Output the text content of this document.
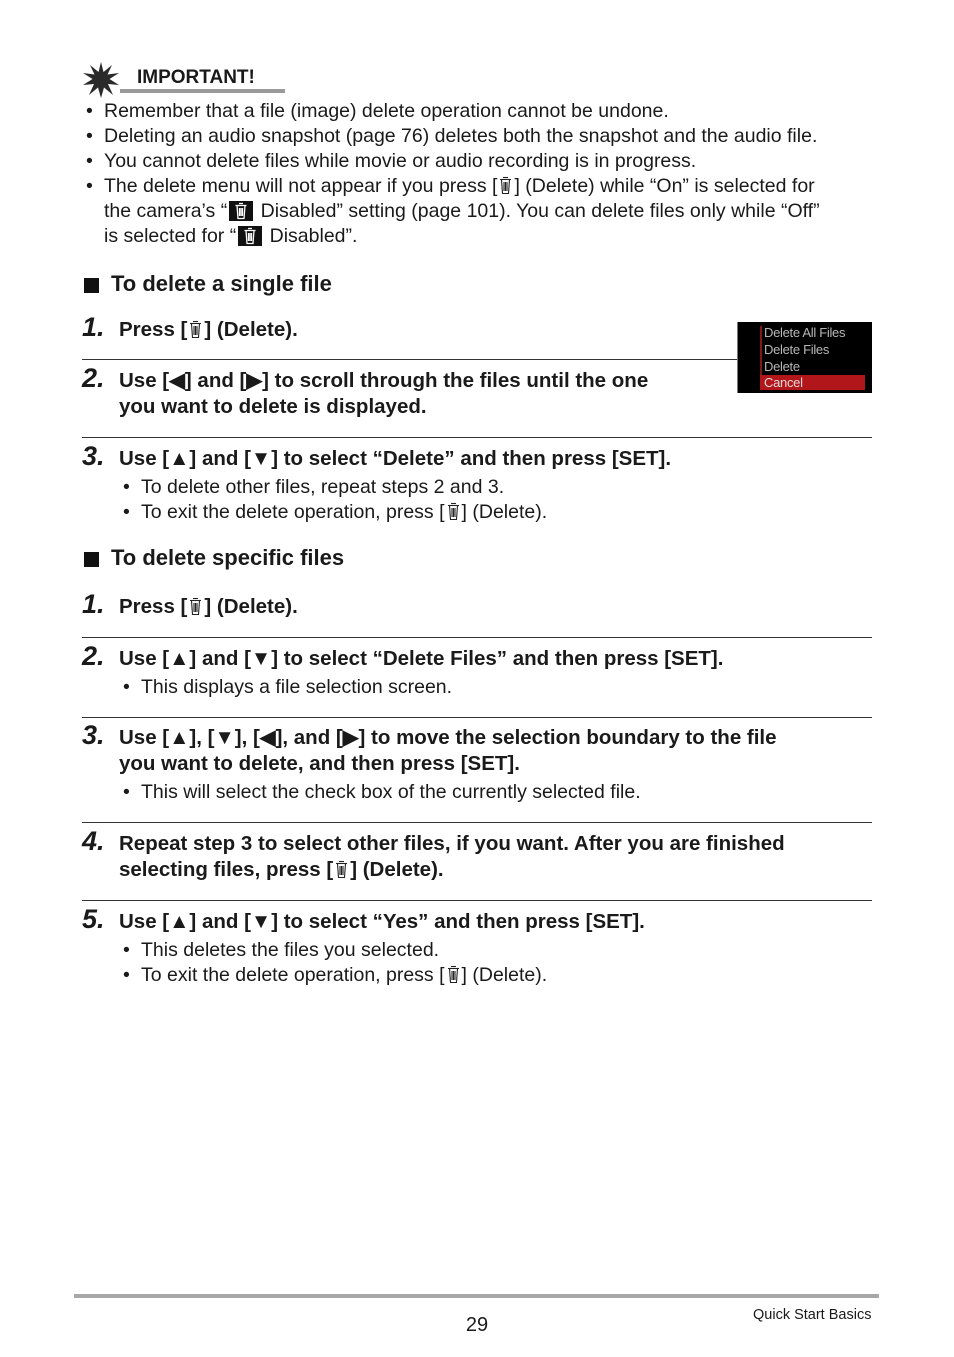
IMPORTANT!
• Remember that a file (image) delete operation cannot be undone.
• Deleting an audio snapshot (page 76) deletes both the snapshot and the audio file.
• You cannot delete files while movie or audio recording is in progress.
• The delete menu will not appear if you press [ ] (Delete) while “On” is selected for
the camera’s “
Disabled” setting (page 101). You can delete files only while “Off”
is selected for “
Disabled”.
To delete a single file
1. Press [ ] (Delete).	Delete All Files
Delete Files
Delete
Cancel
2. Use [◀] and [▶] to scroll through the files until the one
you want to delete is displayed.
3. Use [▲] and [▼] to select “Delete” and then press [SET].
• To delete other files, repeat steps 2 and 3.
• To exit the delete operation, press [ ] (Delete).
To delete specific files
1. Press [ ] (Delete).
2. Use [▲] and [▼] to select “Delete Files” and then press [SET].
• This displays a file selection screen.
3. Use [▲], [▼], [◀], and [▶] to move the selection boundary to the file
you want to delete, and then press [SET].
• This will select the check box of the currently selected file.
4. Repeat step 3 to select other files, if you want. After you are finished
selecting files, press [ ] (Delete).
5. Use [▲] and [▼] to select “Yes” and then press [SET].
• This deletes the files you selected.
• To exit the delete operation, press [ ] (Delete).
29	Quick Start Basics
